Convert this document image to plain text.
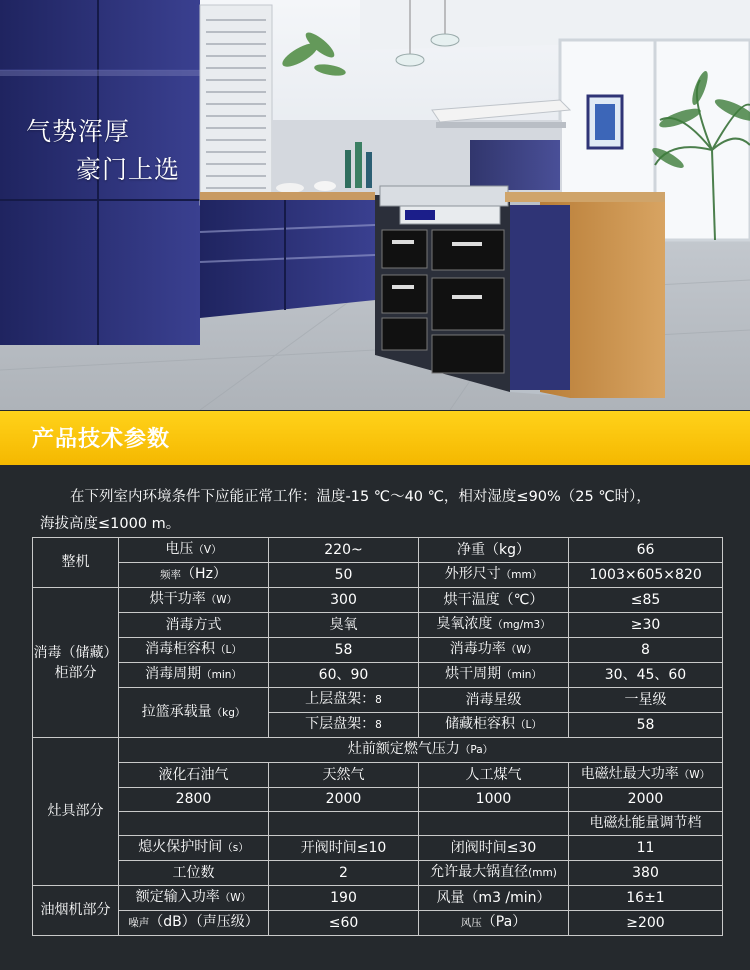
气势浑厚
豪门上选
产品技术参数
在下列室内环境条件下应能正常工作：温度-15 ℃～40 ℃，相对湿度≤90%（25 ℃时），
海拔高度≤1000 m。
整机	电压（V）	220~	净重（kg）	66
	频率（Hz）	50	外形尺寸（mm）	1003×605×820

消毒（储藏）
柜部分	烘干功率（W）	300	烘干温度（℃）	≤85
	消毒方式	臭氧	臭氧浓度（mg/m3）	≥30
	消毒柜容积（L）	58	消毒功率（W）	8
	消毒周期（min）	60、90	烘干周期（min）	30、45、60
	拉篮承载量（kg）	上层盘架：8	消毒星级	一星级
		下层盘架：8	储藏柜容积（L）	58
灶具部分	灶前额定燃气压力（Pa）			
	液化石油气	天然气	人工煤气	电磁灶最大功率（W）
	2800	2000	1000	2000
				电磁灶能量调节档
	熄火保护时间（s）	开阀时间≤10	闭阀时间≤30	11
	工位数	2	允许最大锅直径(mm)	380
油烟机部分	额定输入功率（W）	190	风量（m3 /min）	16±1
	噪声（dB）（声压级）	≤60	风压（Pa）	≥200
